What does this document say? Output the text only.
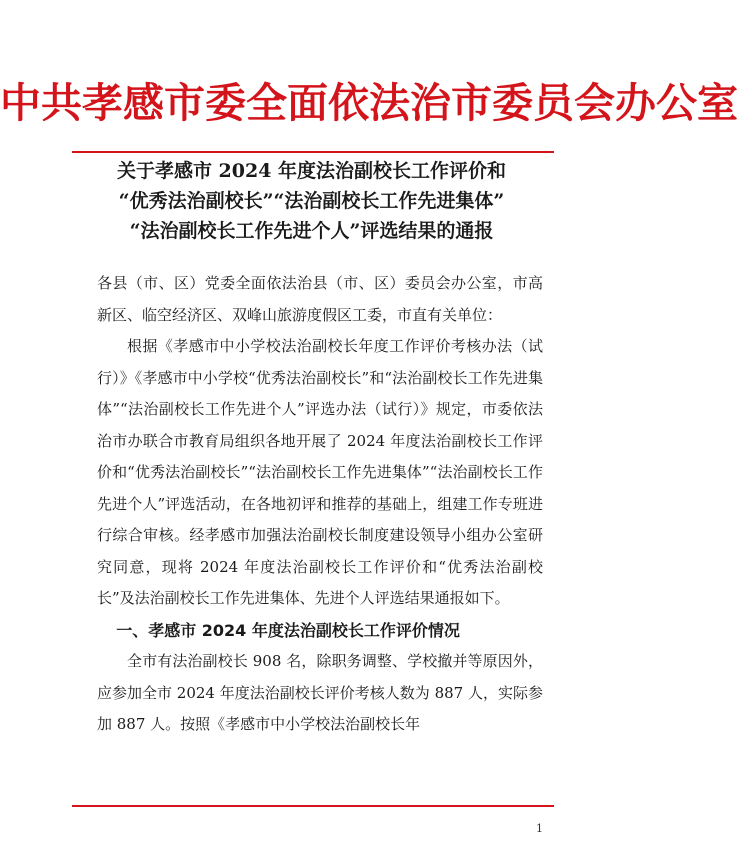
中共孝感市委全面依法治市委员会办公室
关于孝感市 2024 年度法治副校长工作评价和
“优秀法治副校长”“法治副校长工作先进集体”
“法治副校长工作先进个人”评选结果的通报

各县（市、区）党委全面依法治县（市、区）委员会办公室，市高新区、临空经济区、双峰山旅游度假区工委，市直有关单位：

根据《孝感市中小学校法治副校长年度工作评价考核办法（试行）》《孝感市中小学校“优秀法治副校长”和“法治副校长工作先进集体”“法治副校长工作先进个人”评选办法（试行）》规定，市委依法治市办联合市教育局组织各地开展了 2024 年度法治副校长工作评价和“优秀法治副校长”“法治副校长工作先进集体”“法治副校长工作先进个人”评选活动，在各地初评和推荐的基础上，组建工作专班进行综合审核。经孝感市加强法治副校长制度建设领导小组办公室研究同意，现将 2024 年度法治副校长工作评价和“优秀法治副校长”及法治副校长工作先进集体、先进个人评选结果通报如下。

一、孝感市 2024 年度法治副校长工作评价情况

全市有法治副校长 908 名，除职务调整、学校撤并等原因外，应参加全市 2024 年度法治副校长评价考核人数为 887 人，实际参加 887 人。按照《孝感市中小学校法治副校长年

1
